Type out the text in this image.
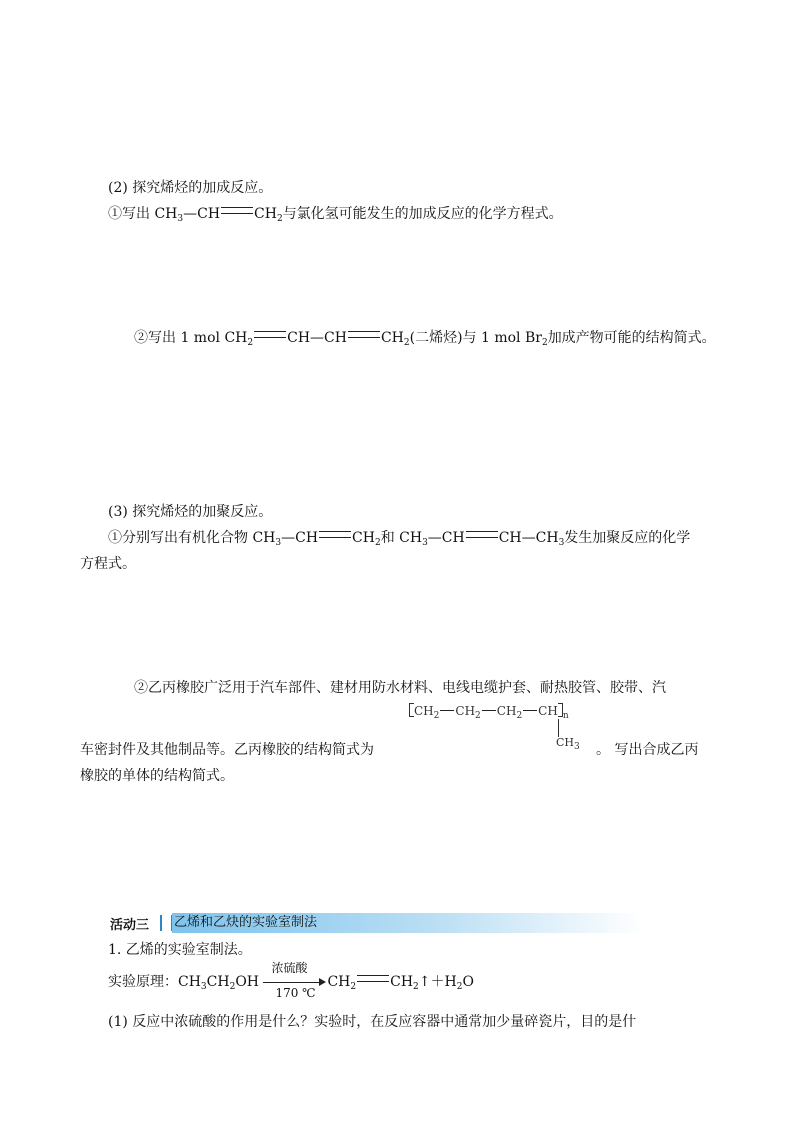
(2) 探究烯烃的加成反应。
①写出 $CH_3—CH$ $CH_2$与氯化氢可能发生的加成反应的化学方程式。
②写出 1 mol $CH_2$ CH—CH $CH_2$(二烯烃)与 1 mol $Br_2$加成产物可能的结构简式。
(3) 探究烯烃的加聚反应。
①分别写出有机化合物 $CH_3—CH$ $CH_2$和 $CH_3—CH$ $CH—CH_3$发生加聚反应的化学
方程式。
②乙丙橡胶广泛用于汽车部件、建材用防水材料、电线电缆护套、耐热胶管、胶带、汽
$CH_2$ $CH_2$ $CH_2$ CH $_n$
$CH_3$
车密封件及其他制品等。乙丙橡胶的结构简式为	。 写出合成乙丙
橡胶的单体的结构简式。
活动三 乙烯和乙炔的实验室制法
1. 乙烯的实验室制法。
实验原理：$CH_3CH_2OH$
浓硫酸
170 ℃
$CH_2$ $CH_2↑+H_2O$
(1) 反应中浓硫酸的作用是什么？实验时，在反应容器中通常加少量碎瓷片，目的是什
